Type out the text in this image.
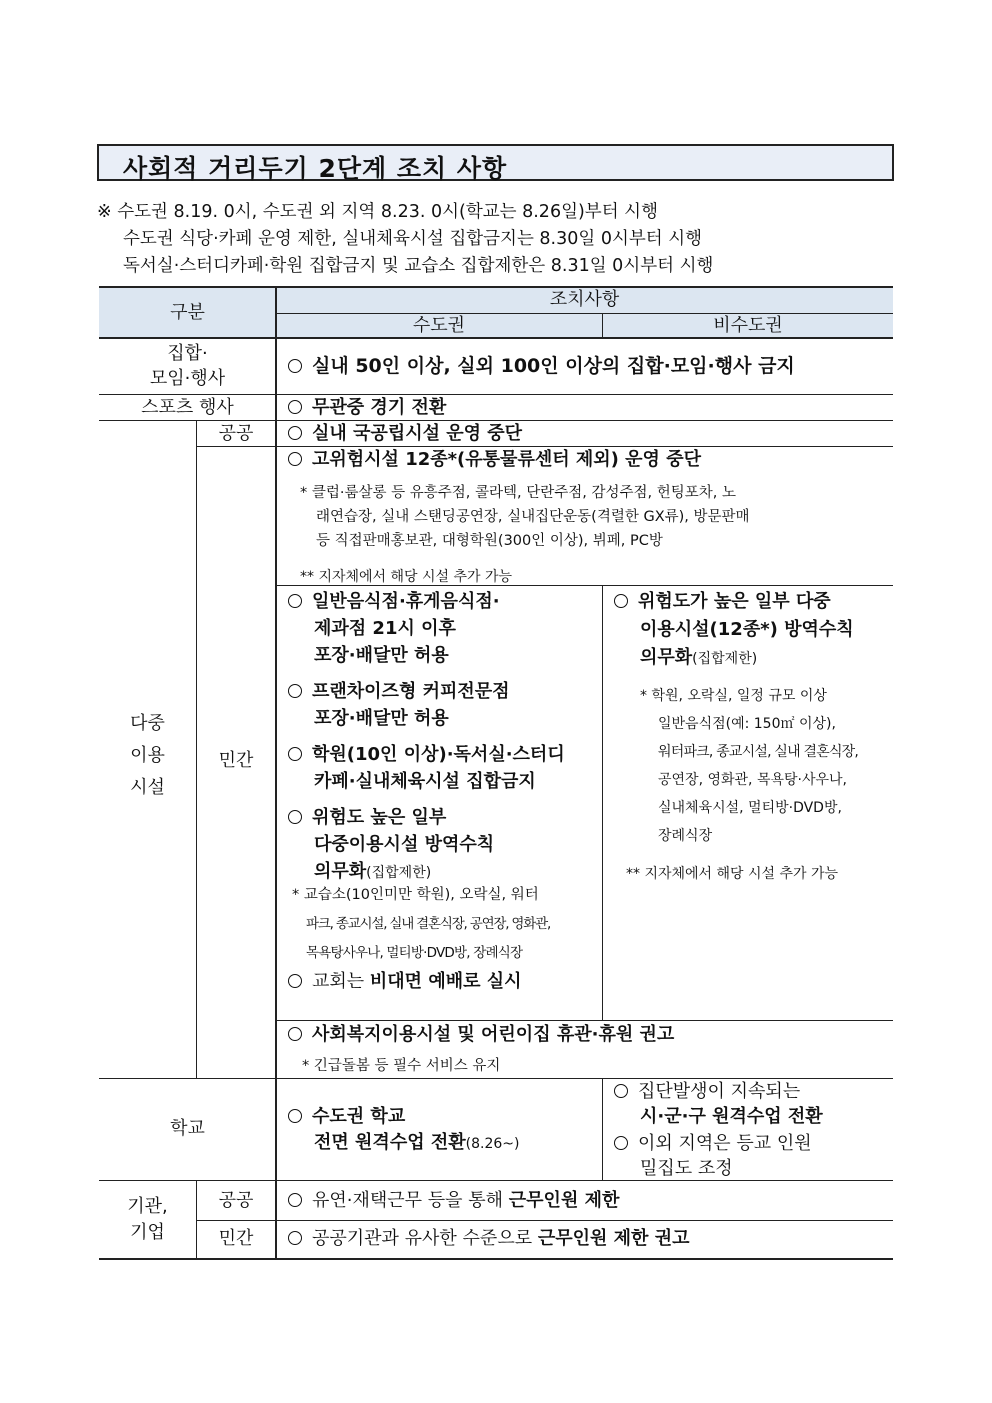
사회적 거리두기 2단계 조치 사항
※ 수도권 8.19. 0시, 수도권 외 지역 8.23. 0시(학교는 8.26일)부터 시행
수도권 식당·카페 운영 제한, 실내체육시설 집합금지는 8.30일 0시부터 시행
독서실·스터디카페·학원 집합금지 및 교습소 집합제한은 8.31일 0시부터 시행
구분
조치사항
수도권	비수도권
집합·
모임·행사
실내 50인 이상, 실외 100인 이상의 집합·모임·행사 금지
스포츠 행사	무관중 경기 전환
다중
이용
시설
공공
민간
실내 국공립시설 운영 중단
고위험시설 12종*(유통물류센터 제외) 운영 중단
* 클럽·룸살롱 등 유흥주점, 콜라텍, 단란주점, 감성주점, 헌팅포차, 노
래연습장, 실내 스탠딩공연장, 실내집단운동(격렬한 GX류), 방문판매
등 직접판매홍보관, 대형학원(300인 이상), 뷔페, PC방
** 지자체에서 해당 시설 추가 가능
일반음식점·휴게음식점·
제과점 21시 이후
포장·배달만 허용
프랜차이즈형 커피전문점
포장·배달만 허용
학원(10인 이상)·독서실·스터디
카페·실내체육시설 집합금지
위험도 높은 일부
다중이용시설 방역수칙
의무화(집합제한)
* 교습소(10인미만 학원), 오락실, 워터
파크, 종교시설, 실내 결혼식장, 공연장, 영화관,
목욕탕사우나, 멀티방·DVD방, 장례식장
교회는 비대면 예배로 실시
위험도가 높은 일부 다중
이용시설(12종*) 방역수칙
의무화(집합제한)
* 학원, 오락실, 일정 규모 이상
일반음식점(예: 150㎡ 이상),
워터파크, 종교시설, 실내 결혼식장,
공연장, 영화관, 목욕탕·사우나,
실내체육시설, 멀티방·DVD방,
장례식장
** 지자체에서 해당 시설 추가 가능
사회복지이용시설 및 어린이집 휴관·휴원 권고
* 긴급돌봄 등 필수 서비스 유지
학교
수도권 학교
전면 원격수업 전환(8.26~)
집단발생이 지속되는
시·군·구 원격수업 전환
이외 지역은 등교 인원
밀집도 조정
기관,
기업
공공
민간
유연·재택근무 등을 통해 근무인원 제한
공공기관과 유사한 수준으로 근무인원 제한 권고
